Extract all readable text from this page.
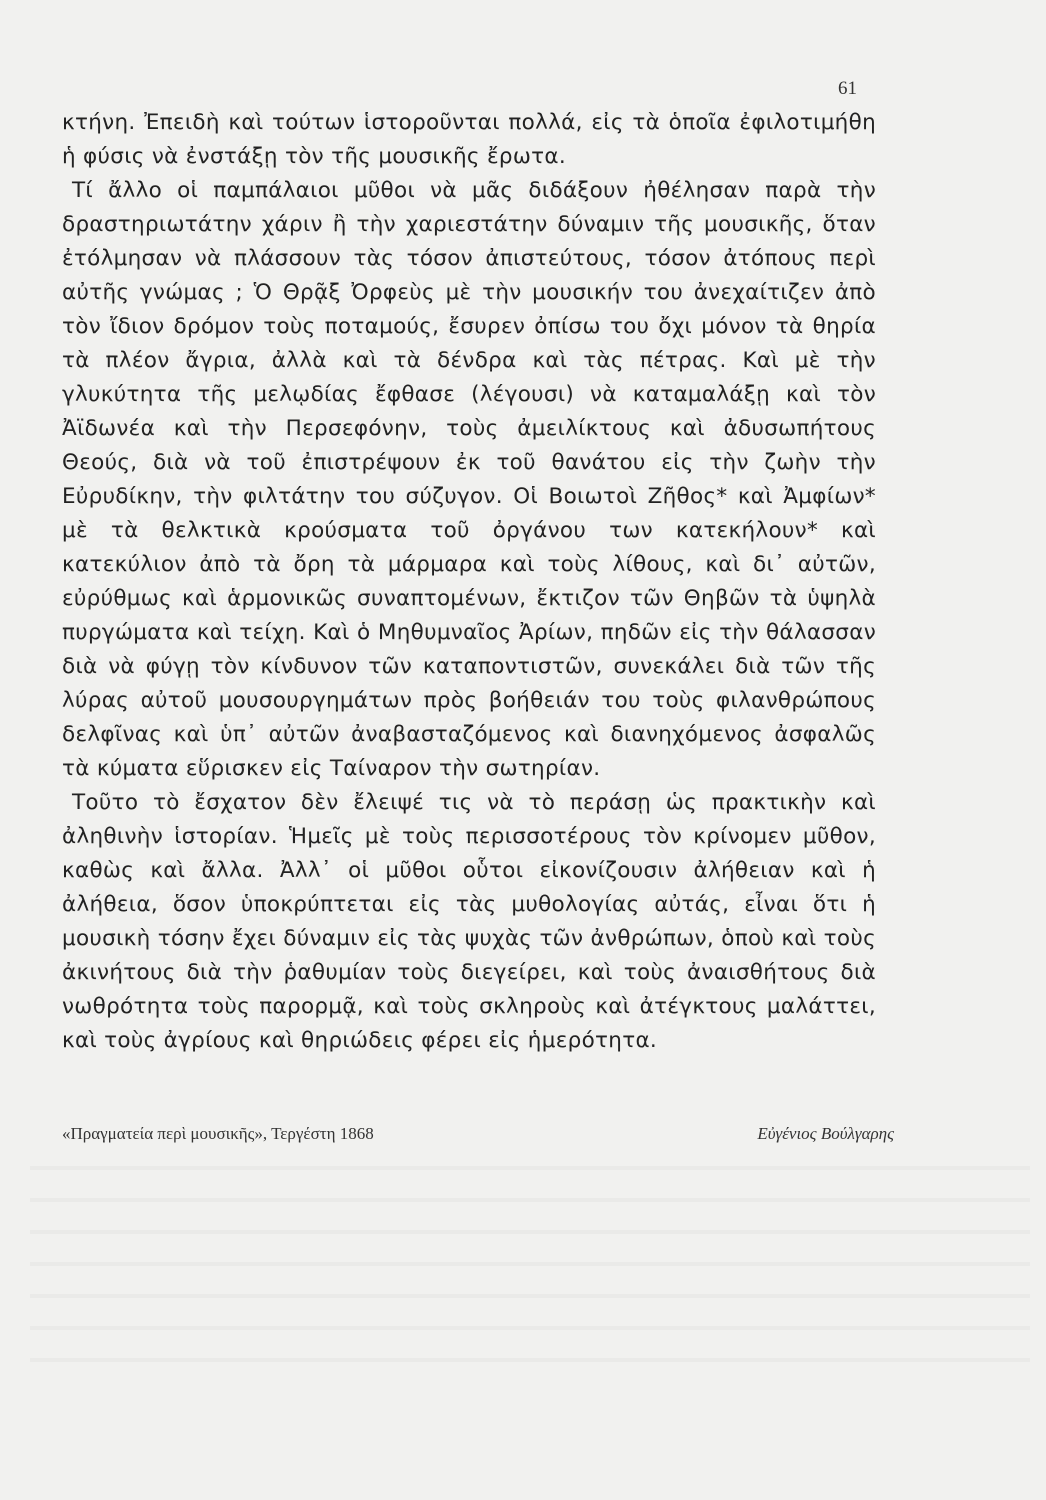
61

κτήνη. Ἐπειδὴ καὶ τούτων ἱστοροῦνται πολλά, εἰς τὰ ὁποῖα ἐφιλοτιμήθη ἡ φύσις νὰ ἐνστάξῃ τὸν τῆς μουσικῆς ἔρωτα.

Τί ἄλλο οἱ παμπάλαιοι μῦθοι νὰ μᾶς διδάξουν ἠθέλησαν παρὰ τὴν δραστηριωτάτην χάριν ἢ τὴν χαριεστάτην δύναμιν τῆς μουσικῆς, ὅταν ἐτόλμησαν νὰ πλάσσουν τὰς τόσον ἀπιστεύτους, τόσον ἀτόπους περὶ αὐτῆς γνώμας ; Ὁ Θρᾷξ Ὀρφεὺς μὲ τὴν μουσικήν του ἀνεχαίτιζεν ἀπὸ τὸν ἴδιον δρόμον τοὺς ποταμούς, ἔσυρεν ὀπίσω του ὄχι μόνον τὰ θηρία τὰ πλέον ἄγρια, ἀλλὰ καὶ τὰ δένδρα καὶ τὰς πέτρας. Καὶ μὲ τὴν γλυκύτητα τῆς μελῳδίας ἔφθασε (λέγουσι) νὰ καταμαλάξῃ καὶ τὸν Ἀϊδωνέα καὶ τὴν Περσεφόνην, τοὺς ἀμειλίκτους καὶ ἀδυσωπήτους Θεούς, διὰ νὰ τοῦ ἐπιστρέψουν ἐκ τοῦ θανάτου εἰς τὴν ζωὴν τὴν Εὐρυδίκην, τὴν φιλτάτην του σύζυγον. Οἱ Βοιωτοὶ Ζῆθος* καὶ Ἀμφίων* μὲ τὰ θελκτικὰ κρούσματα τοῦ ὀργάνου των κατεκήλουν* καὶ κατεκύλιον ἀπὸ τὰ ὄρη τὰ μάρμαρα καὶ τοὺς λίθους, καὶ δι᾽ αὐτῶν, εὐρύθμως καὶ ἁρμονικῶς συναπτομένων, ἔκτιζον τῶν Θηβῶν τὰ ὑψηλὰ πυργώματα καὶ τείχη. Καὶ ὁ Μηθυμναῖος Ἀρίων, πηδῶν εἰς τὴν θάλασσαν διὰ νὰ φύγῃ τὸν κίνδυνον τῶν καταποντιστῶν, συνεκάλει διὰ τῶν τῆς λύρας αὐτοῦ μουσουργημάτων πρὸς βοήθειάν του τοὺς φιλανθρώπους δελφῖνας καὶ ὑπ᾽ αὐτῶν ἀναβασταζόμενος καὶ διανηχόμενος ἀσφαλῶς τὰ κύματα εὕρισκεν εἰς Ταίναρον τὴν σωτηρίαν.

Τοῦτο τὸ ἔσχατον δὲν ἔλειψέ τις νὰ τὸ περάσῃ ὡς πρακτικὴν καὶ ἀληθινὴν ἱστορίαν. Ἡμεῖς μὲ τοὺς περισσοτέρους τὸν κρίνομεν μῦθον, καθὼς καὶ ἄλλα. Ἀλλ᾽ οἱ μῦθοι οὗτοι εἰκονίζουσιν ἀλήθειαν καὶ ἡ ἀλήθεια, ὅσον ὑποκρύπτεται εἰς τὰς μυθολογίας αὐτάς, εἶναι ὅτι ἡ μουσικὴ τόσην ἔχει δύναμιν εἰς τὰς ψυχὰς τῶν ἀνθρώπων, ὁποὺ καὶ τοὺς ἀκινήτους διὰ τὴν ῥαθυμίαν τοὺς διεγείρει, καὶ τοὺς ἀναισθήτους διὰ νωθρότητα τοὺς παρορμᾷ, καὶ τοὺς σκληροὺς καὶ ἀτέγκτους μαλάττει, καὶ τοὺς ἀγρίους καὶ θηριώδεις φέρει εἰς ἡμερότητα.

«Πραγματεία περὶ μουσικῆς», Τεργέστη 1868	Εὐγένιος Βούλγαρης
